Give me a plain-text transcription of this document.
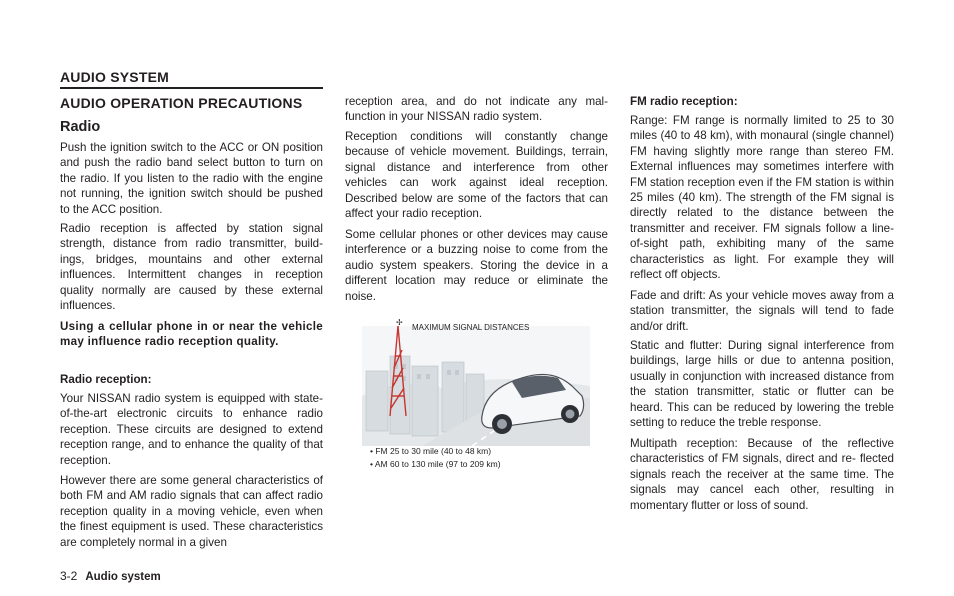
AUDIO SYSTEM
AUDIO OPERATION PRECAUTIONS
Radio

Push the ignition switch to the ACC or ON position and push the radio band select button to turn on the radio. If you listen to the radio with the engine not running, the ignition switch should be pushed to the ACC position.

Radio reception is affected by station signal strength, distance from radio transmitter, build- ings, bridges, mountains and other external influences. Intermittent changes in reception quality normally are caused by these external influences.

Using a cellular phone in or near the vehicle may influence radio reception quality.

Radio reception:

Your NISSAN radio system is equipped with state-of-the-art electronic circuits to enhance radio reception. These circuits are designed to extend reception range, and to enhance the quality of that reception.

However there are some general characteristics of both FM and AM radio signals that can affect radio reception quality in a moving vehicle, even when the finest equipment is used. These characteristics are completely normal in a given

reception area, and do not indicate any mal- function in your NISSAN radio system.

Reception conditions will constantly change because of vehicle movement. Buildings, terrain, signal distance and interference from other vehicles can work against ideal reception. Described below are some of the factors that can affect your radio reception.

Some cellular phones or other devices may cause interference or a buzzing noise to come from the audio system speakers. Storing the device in a different location may reduce or eliminate the noise.

✢
MAXIMUM SIGNAL DISTANCES
• FM 25 to 30 mile (40 to 48 km)
• AM 60 to 130 mile (97 to 209 km)

FM radio reception:

Range: FM range is normally limited to 25 to 30 miles (40 to 48 km), with monaural (single channel) FM having slightly more range than stereo FM. External influences may sometimes interfere with FM station reception even if the FM station is within 25 miles (40 km). The strength of the FM signal is directly related to the distance between the transmitter and receiver. FM signals follow a line-of-sight path, exhibiting many of the same characteristics as light. For example they will reflect off objects.

Fade and drift: As your vehicle moves away from a station transmitter, the signals will tend to fade and/or drift.

Static and flutter: During signal interference from buildings, large hills or due to antenna position, usually in conjunction with increased distance from the station transmitter, static or flutter can be heard. This can be reduced by lowering the treble setting to reduce the treble response.

Multipath reception: Because of the reflective characteristics of FM signals, direct and re- flected signals reach the receiver at the same time. The signals may cancel each other, resulting in momentary flutter or loss of sound.

3-2 Audio system
